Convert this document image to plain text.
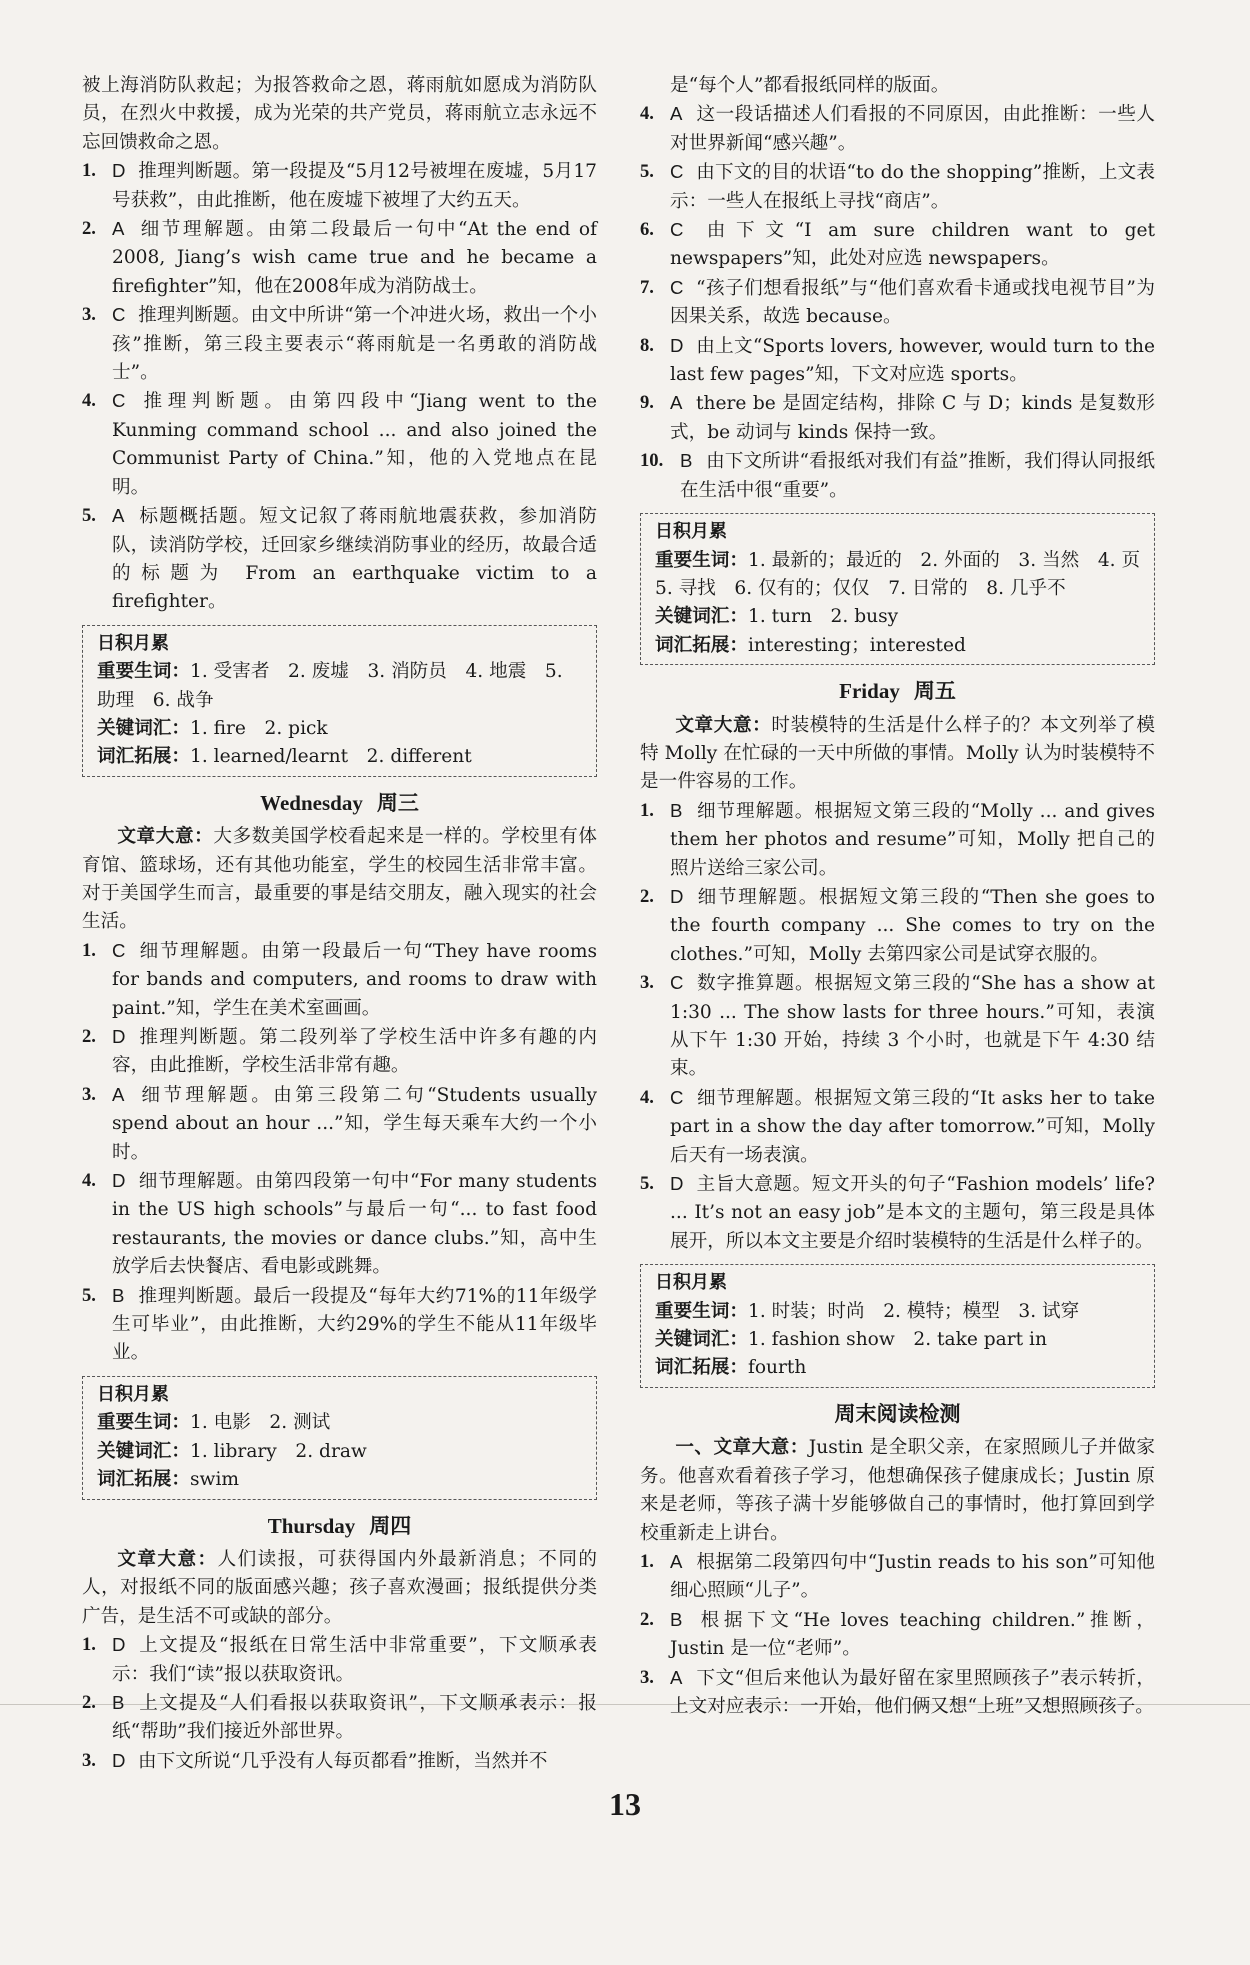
被上海消防队救起；为报答救命之恩，蒋雨航如愿成为消防队员，在烈火中救援，成为光荣的共产党员，蒋雨航立志永远不忘回馈救命之恩。

1. D 推理判断题。第一段提及“5月12号被埋在废墟，5月17号获救”，由此推断，他在废墟下被埋了大约五天。
2. A 细节理解题。由第二段最后一句中“At the end of 2008, Jiang’s wish came true and he became a firefighter”知，他在2008年成为消防战士。
3. C 推理判断题。由文中所讲“第一个冲进火场，救出一个小孩”推断，第三段主要表示“蒋雨航是一名勇敢的消防战士”。
4. C 推理判断题。由第四段中“Jiang went to the Kunming command school ... and also joined the Communist Party of China.”知，他的入党地点在昆明。
5. A 标题概括题。短文记叙了蒋雨航地震获救，参加消防队，读消防学校，迁回家乡继续消防事业的经历，故最合适的标题为 From an earthquake victim to a firefighter。
日积月累

重要生词：1. 受害者　2. 废墟　3. 消防员　4. 地震　5. 助理　6. 战争

关键词汇：1. fire　2. pick

词汇拓展：1. learned/learnt　2. different

Wednesday 周三

文章大意：大多数美国学校看起来是一样的。学校里有体育馆、篮球场，还有其他功能室，学生的校园生活非常丰富。对于美国学生而言，最重要的事是结交朋友，融入现实的社会生活。

1. C 细节理解题。由第一段最后一句“They have rooms for bands and computers, and rooms to draw with paint.”知，学生在美术室画画。
2. D 推理判断题。第二段列举了学校生活中许多有趣的内容，由此推断，学校生活非常有趣。
3. A 细节理解题。由第三段第二句“Students usually spend about an hour ...”知，学生每天乘车大约一个小时。
4. D 细节理解题。由第四段第一句中“For many students in the US high schools”与最后一句“... to fast food restaurants, the movies or dance clubs.”知，高中生放学后去快餐店、看电影或跳舞。
5. B 推理判断题。最后一段提及“每年大约71%的11年级学生可毕业”，由此推断，大约29%的学生不能从11年级毕业。
日积月累

重要生词：1. 电影　2. 测试

关键词汇：1. library　2. draw

词汇拓展：swim

Thursday 周四

文章大意：人们读报，可获得国内外最新消息；不同的人，对报纸不同的版面感兴趣；孩子喜欢漫画；报纸提供分类广告，是生活不可或缺的部分。

1. D 上文提及“报纸在日常生活中非常重要”，下文顺承表示：我们“读”报以获取资讯。
2. B 上文提及“人们看报以获取资讯”，下文顺承表示：报纸“帮助”我们接近外部世界。
3. D 由下文所说“几乎没有人每页都看”推断，当然并不

是“每个人”都看报纸同样的版面。

4. A 这一段话描述人们看报的不同原因，由此推断：一些人对世界新闻“感兴趣”。
5. C 由下文的目的状语“to do the shopping”推断，上文表示：一些人在报纸上寻找“商店”。
6. C 由下文“I am sure children want to get newspapers”知，此处对应选 newspapers。
7. C “孩子们想看报纸”与“他们喜欢看卡通或找电视节目”为因果关系，故选 because。
8. D 由上文“Sports lovers, however, would turn to the last few pages”知，下文对应选 sports。
9. A there be 是固定结构，排除 C 与 D；kinds 是复数形式，be 动词与 kinds 保持一致。
10. B 由下文所讲“看报纸对我们有益”推断，我们得认同报纸在生活中很“重要”。
日积月累

重要生词：1. 最新的；最近的　2. 外面的　3. 当然　4. 页　5. 寻找　6. 仅有的；仅仅　7. 日常的　8. 几乎不

关键词汇：1. turn　2. busy

词汇拓展：interesting；interested

Friday 周五

文章大意：时装模特的生活是什么样子的？本文列举了模特 Molly 在忙碌的一天中所做的事情。Molly 认为时装模特不是一件容易的工作。

1. B 细节理解题。根据短文第三段的“Molly ... and gives them her photos and resume”可知，Molly 把自己的照片送给三家公司。
2. D 细节理解题。根据短文第三段的“Then she goes to the fourth company ... She comes to try on the clothes.”可知，Molly 去第四家公司是试穿衣服的。
3. C 数字推算题。根据短文第三段的“She has a show at 1:30 ... The show lasts for three hours.”可知，表演从下午 1:30 开始，持续 3 个小时，也就是下午 4:30 结束。
4. C 细节理解题。根据短文第三段的“It asks her to take part in a show the day after tomorrow.”可知，Molly 后天有一场表演。
5. D 主旨大意题。短文开头的句子“Fashion models’ life? ... It’s not an easy job”是本文的主题句，第三段是具体展开，所以本文主要是介绍时装模特的生活是什么样子的。
日积月累

重要生词：1. 时装；时尚　2. 模特；模型　3. 试穿

关键词汇：1. fashion show　2. take part in

词汇拓展：fourth

周末阅读检测

一、文章大意：Justin 是全职父亲，在家照顾儿子并做家务。他喜欢看着孩子学习，他想确保孩子健康成长；Justin 原来是老师，等孩子满十岁能够做自己的事情时，他打算回到学校重新走上讲台。

1. A 根据第二段第四句中“Justin reads to his son”可知他细心照顾“儿子”。
2. B 根据下文“He loves teaching children.”推断，Justin 是一位“老师”。
3. A 下文“但后来他认为最好留在家里照顾孩子”表示转折，上文对应表示：一开始，他们俩又想“上班”又想照顾孩子。
13
